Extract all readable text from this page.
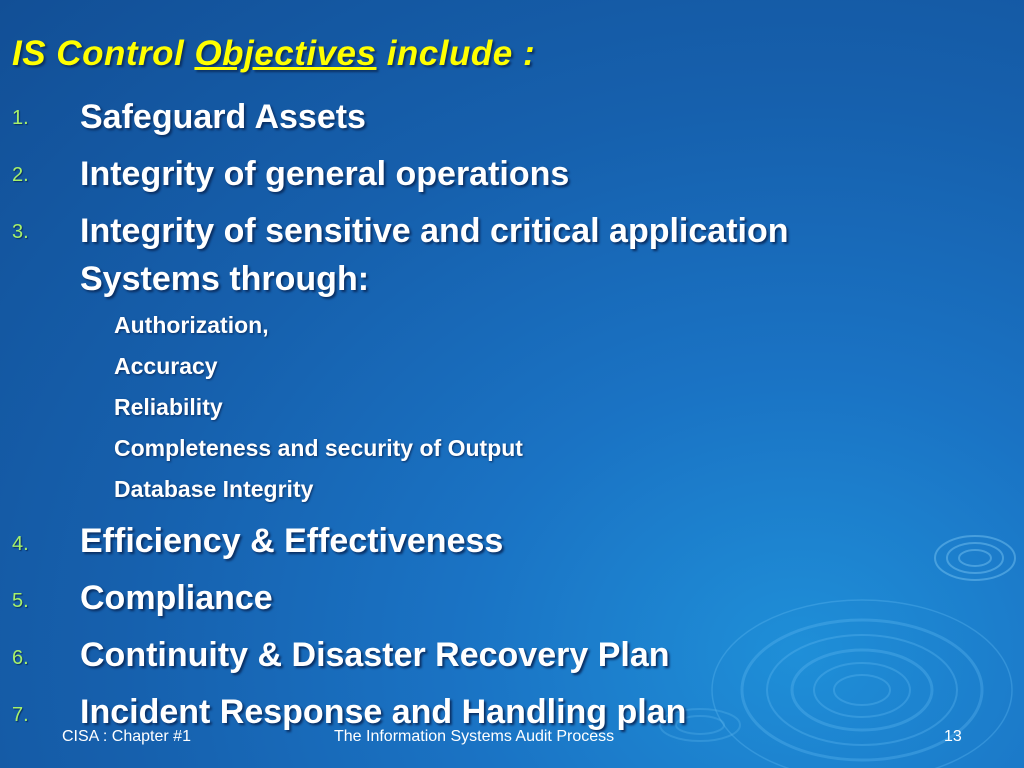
IS Control Objectives include :
1. Safeguard Assets
2. Integrity of general operations
3. Integrity of sensitive and critical application
Systems through:
Authorization,
Accuracy
Reliability
Completeness and security of Output
Database Integrity
4. Efficiency & Effectiveness
5. Compliance
6. Continuity & Disaster Recovery Plan
7. Incident Response and Handling plan
CISA : Chapter #1	The Information Systems Audit Process	13
